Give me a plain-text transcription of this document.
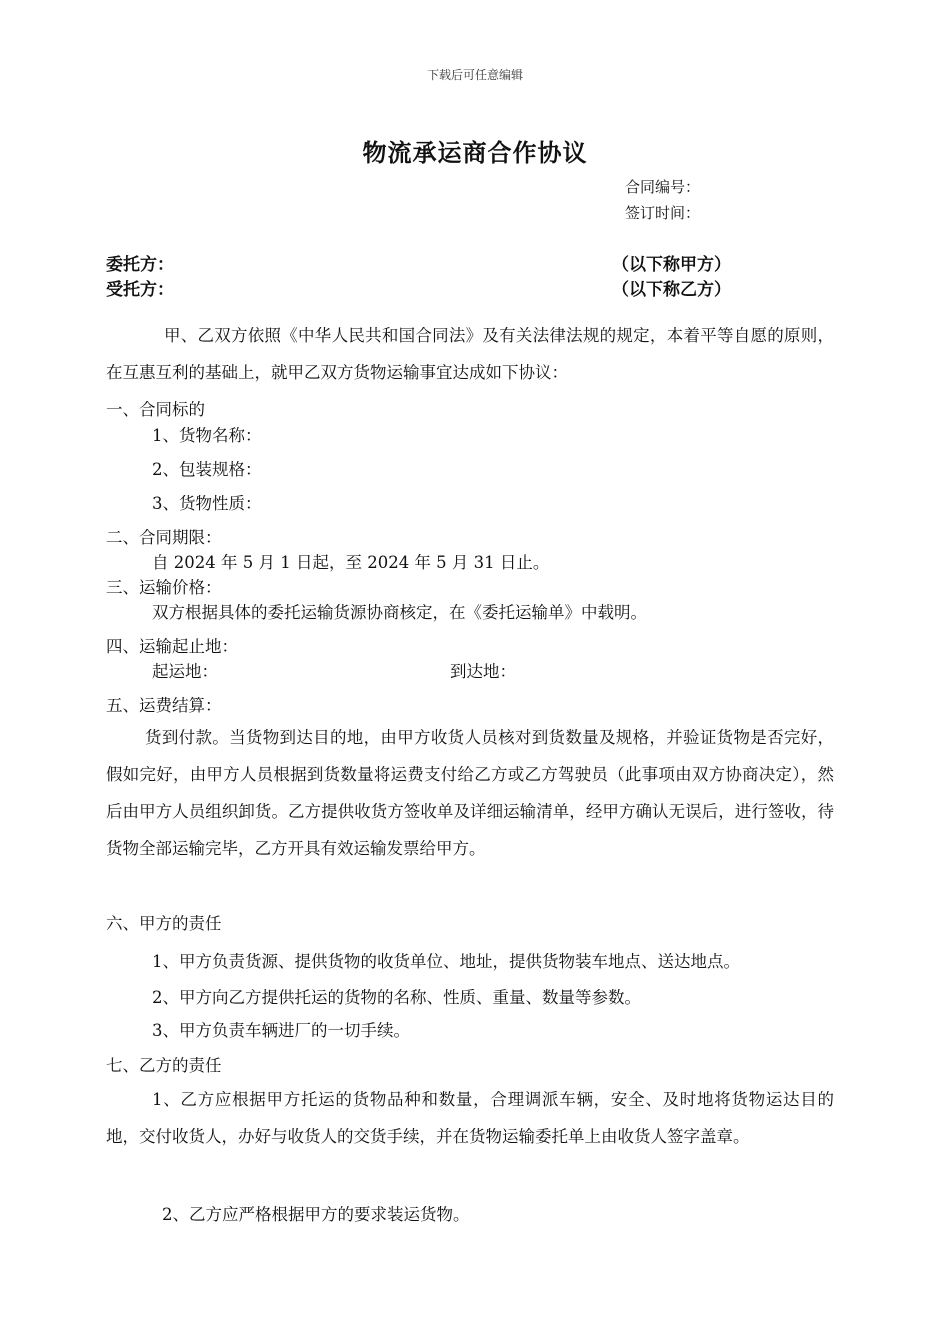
下载后可任意编辑
物流承运商合作协议
合同编号：
签订时间：
委托方：	（以下称甲方）
受托方：	（以下称乙方）
甲、乙双方依照《中华人民共和国合同法》及有关法律法规的规定，本着平等自愿的原则，在互惠互利的基础上，就甲乙双方货物运输事宜达成如下协议：
一、合同标的
1、货物名称：
2、包装规格：
3、货物性质：
二、合同期限：
自 2024 年 5 月 1 日起，至 2024 年 5 月 31 日止。
三、运输价格：
双方根据具体的委托运输货源协商核定，在《委托运输单》中载明。
四、运输起止地：
起运地：	到达地：
五、运费结算：
货到付款。当货物到达目的地，由甲方收货人员核对到货数量及规格，并验证货物是否完好，假如完好，由甲方人员根据到货数量将运费支付给乙方或乙方驾驶员（此事项由双方协商决定），然后由甲方人员组织卸货。乙方提供收货方签收单及详细运输清单，经甲方确认无误后，进行签收，待货物全部运输完毕，乙方开具有效运输发票给甲方。
六、甲方的责任
1、甲方负责货源、提供货物的收货单位、地址，提供货物装车地点、送达地点。
2、甲方向乙方提供托运的货物的名称、性质、重量、数量等参数。
3、甲方负责车辆进厂的一切手续。
七、乙方的责任
1、乙方应根据甲方托运的货物品种和数量，合理调派车辆，安全、及时地将货物运达目的地，交付收货人，办好与收货人的交货手续，并在货物运输委托单上由收货人签字盖章。
2、乙方应严格根据甲方的要求装运货物。
